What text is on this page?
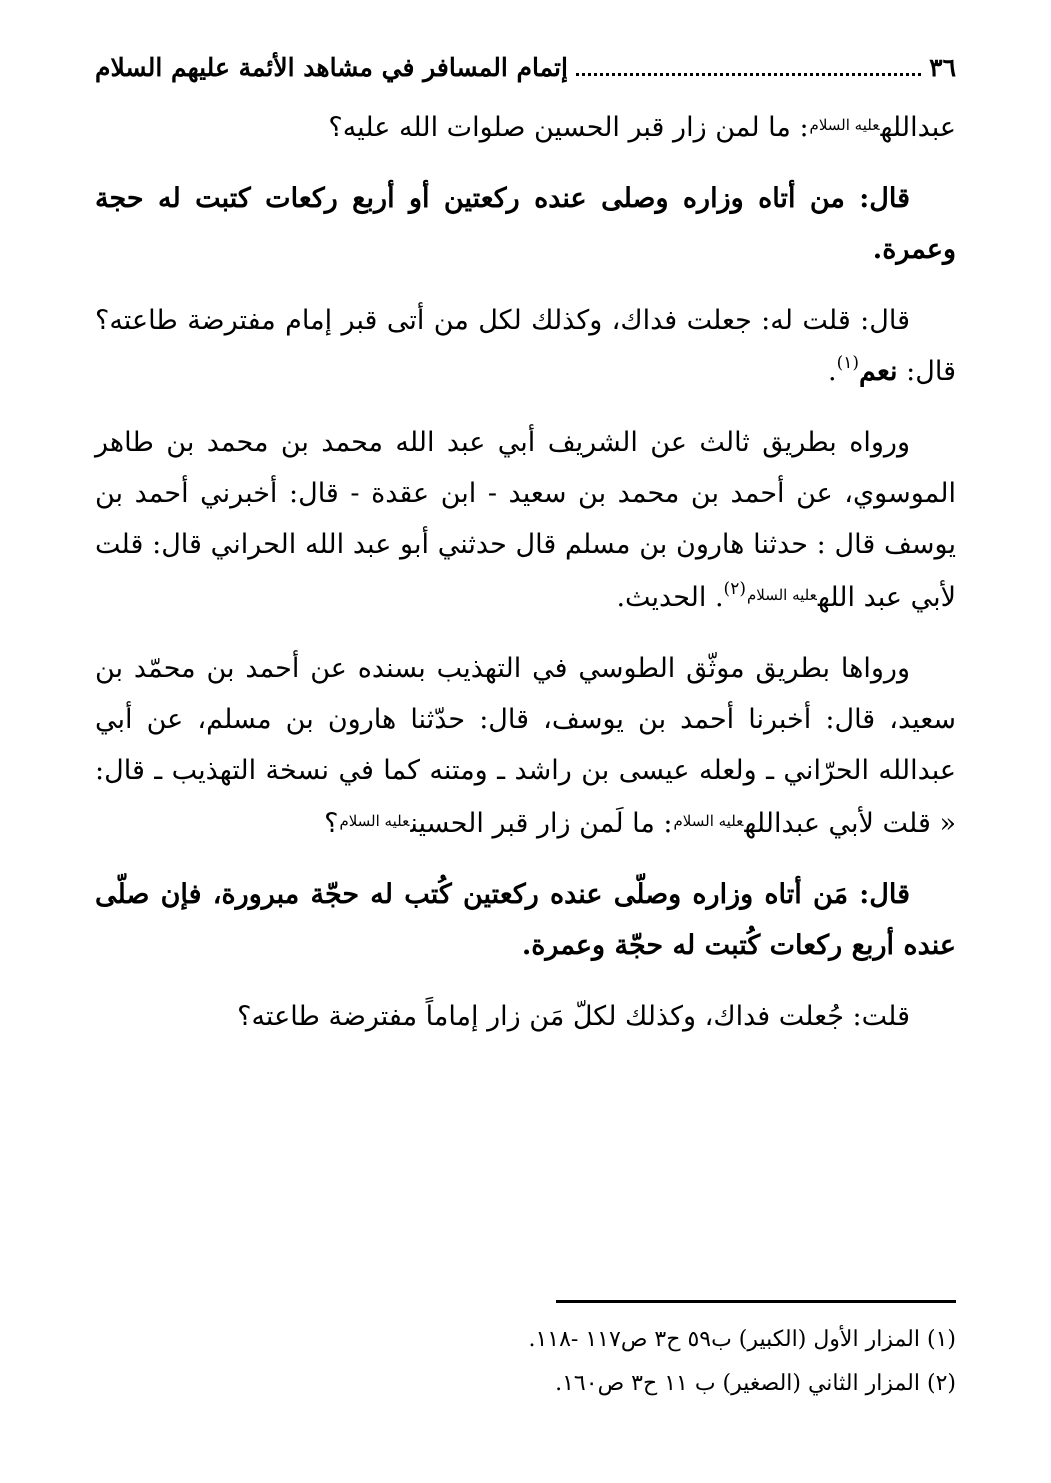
٣٦
إتمام المسافر في مشاهد الأئمة عليهم السلام

عبدالله$^{عليه السلام}$: ما لمن زار قبر الحسين صلوات الله عليه؟

قال: من أتاه وزاره وصلى عنده ركعتين أو أربع ركعات كتبت له حجة وعمرة.

قال: قلت له: جعلت فداك، وكذلك لكل من أتى قبر إمام مفترضة طاعته؟ قال: نعم$^{(١)}$.

ورواه بطريق ثالث عن الشريف أبي عبد الله محمد بن محمد بن طاهر الموسوي، عن أحمد بن محمد بن سعيد - ابن عقدة - قال: أخبرني أحمد بن يوسف قال : حدثنا هارون بن مسلم قال حدثني أبو عبد الله الحراني قال: قلت لأبي عبد الله$^{عليه السلام(٢)}$. الحديث.

ورواها بطريق موثّق الطوسي في التهذيب بسنده عن أحمد بن محمّد بن سعيد، قال: أخبرنا أحمد بن يوسف، قال: حدّثنا هارون بن مسلم، عن أبي عبدالله الحرّاني ـ ولعله عيسى بن راشد ـ ومتنه كما في نسخة التهذيب ـ قال: « قلت لأبي عبدالله$^{عليه السلام}$: ما لَمن زار قبر الحسين$^{عليه السلام}$؟

قال: مَن أتاه وزاره وصلّى عنده ركعتين كُتب له حجّة مبرورة، فإن صلّى عنده أربع ركعات كُتبت له حجّة وعمرة.

قلت: جُعلت فداك، وكذلك لكلّ مَن زار إماماً مفترضة طاعته؟

(١) المزار الأول (الكبير) ب٥٩ ح٣ ص١١٧ -١١٨.

(٢) المزار الثاني (الصغير) ب ١١ ح٣ ص١٦٠.
